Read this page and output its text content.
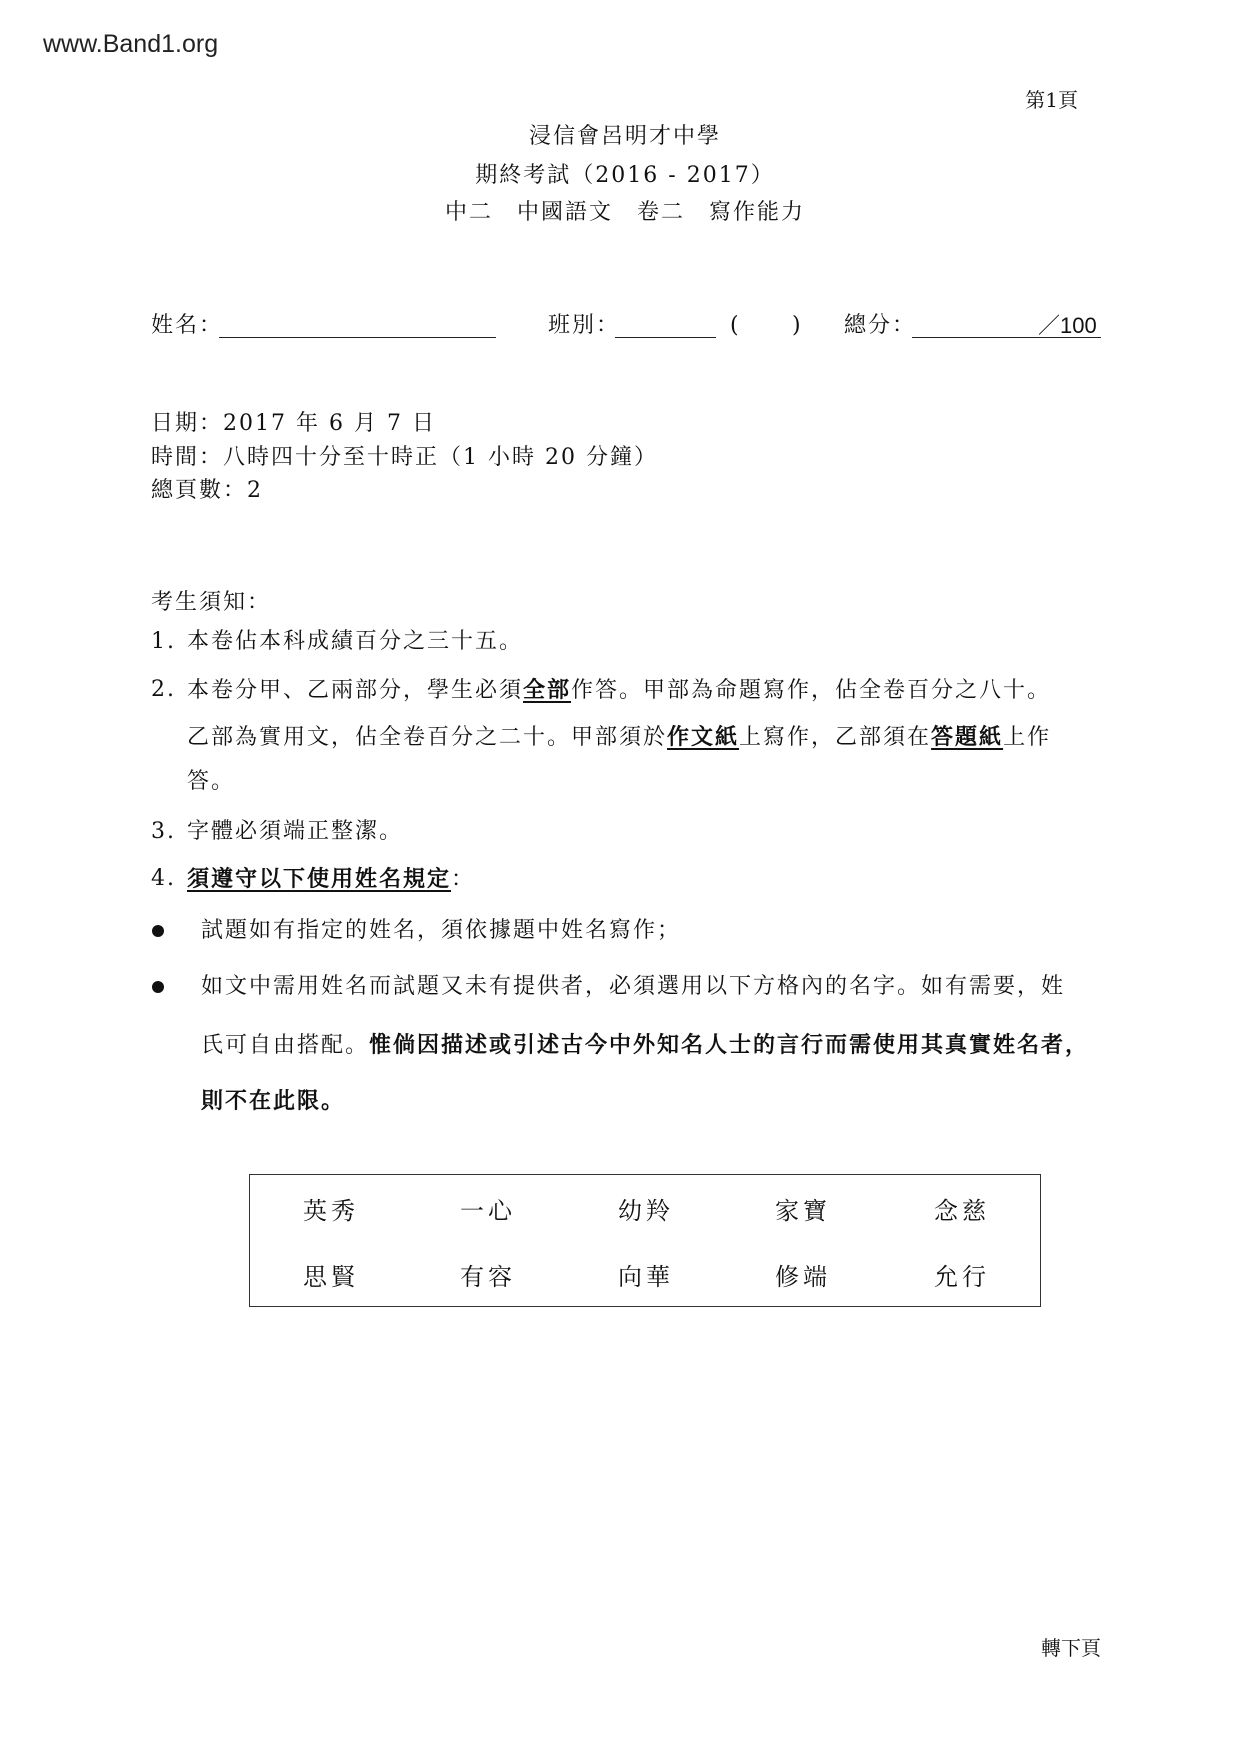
www.Band1.org
第1頁
浸信會呂明才中學
期終考試（2016 - 2017）
中二　中國語文　卷二　寫作能力
姓名：	班別：	( ) 總分：	／100
日期：2017 年 6 月 7 日
時間：八時四十分至十時正（1 小時 20 分鐘）
總頁數：2
考生須知：
1. 本卷佔本科成績百分之三十五。
2. 本卷分甲、乙兩部分，學生必須全部作答。甲部為命題寫作，佔全卷百分之八十。
乙部為實用文，佔全卷百分之二十。甲部須於作文紙上寫作，乙部須在答題紙上作
答。
3. 字體必須端正整潔。
4. 須遵守以下使用姓名規定：
試題如有指定的姓名，須依據題中姓名寫作；
如文中需用姓名而試題又未有提供者，必須選用以下方格內的名字。如有需要，姓
氏可自由搭配。惟倘因描述或引述古今中外知名人士的言行而需使用其真實姓名者，
則不在此限。
英秀	一心	幼羚	家寶	念慈
思賢	有容	向華	修端	允行
轉下頁
